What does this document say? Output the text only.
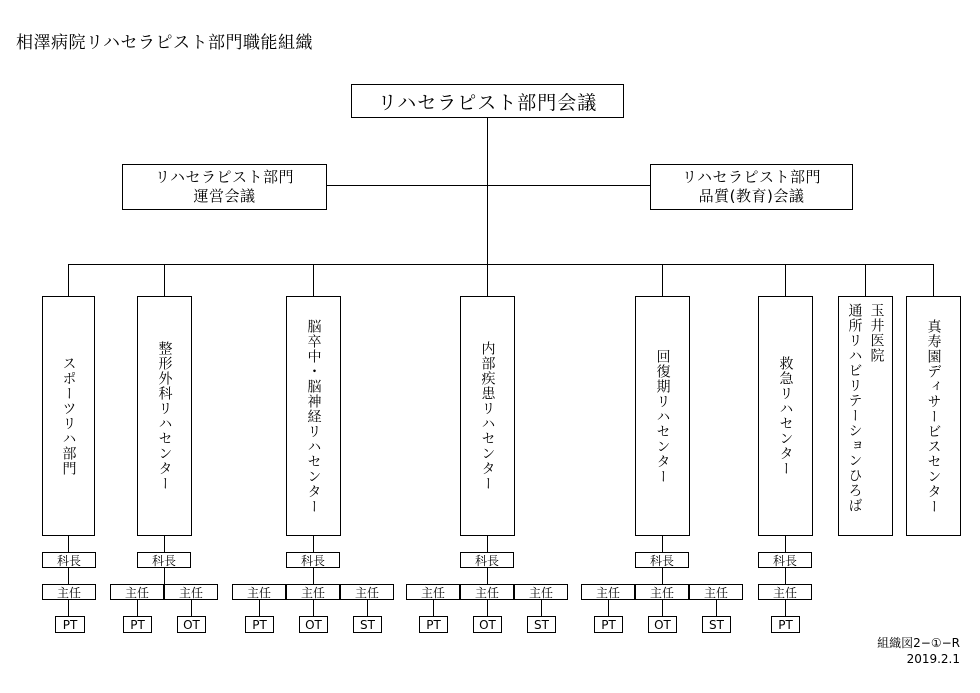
相澤病院リハセラピスト部門職能組織
リハセラピスト部門会議
リハセラピスト部門
運営会議
リハセラピスト部門
品質(教育)会議
スポーツリハ部門	整形外科リハセンター	脳卒中・脳神経リハセンター	内部疾患リハセンター	回復期リハセンター	救急リハセンター
玉井医院
通所リハビリテーションひろば	真寿園ディサービスセンター
科長
主任
PT
科長
主任	主任
PT	OT
科長
主任	主任	主任
PT	OT	ST
科長
主任	主任	主任
PT	OT	ST
科長
主任	主任	主任
PT	OT	ST
科長
主任
PT
組織図2−①−R
2019.2.1
